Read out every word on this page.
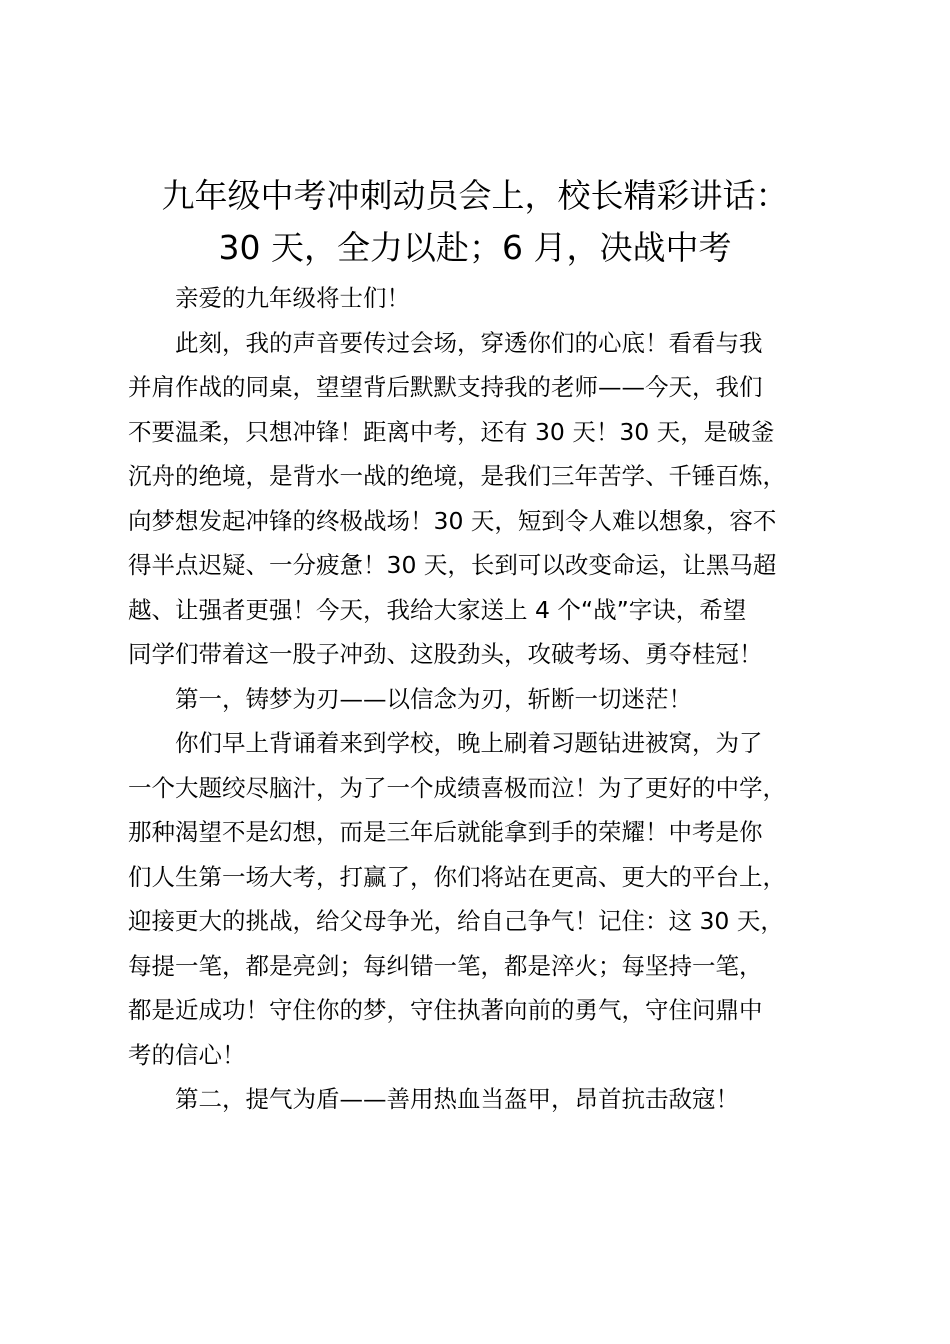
九年级中考冲刺动员会上，校长精彩讲话：
30 天，全力以赴；6 月，决战中考
　　亲爱的九年级将士们！
　　此刻，我的声音要传过会场，穿透你们的心底！看看与我
并肩作战的同桌，望望背后默默支持我的老师——今天，我们
不要温柔，只想冲锋！距离中考，还有 30 天！30 天，是破釜
沉舟的绝境，是背水一战的绝境，是我们三年苦学、千锤百炼，
向梦想发起冲锋的终极战场！30 天，短到令人难以想象，容不
得半点迟疑、一分疲惫！30 天，长到可以改变命运，让黑马超
越、让强者更强！今天，我给大家送上 4 个“战”字诀，希望
同学们带着这一股子冲劲、这股劲头，攻破考场、勇夺桂冠！
　　第一，铸梦为刃——以信念为刃，斩断一切迷茫！
　　你们早上背诵着来到学校，晚上刷着习题钻进被窝，为了
一个大题绞尽脑汁，为了一个成绩喜极而泣！为了更好的中学，
那种渴望不是幻想，而是三年后就能拿到手的荣耀！中考是你
们人生第一场大考，打赢了，你们将站在更高、更大的平台上，
迎接更大的挑战，给父母争光，给自己争气！记住：这 30 天，
每提一笔，都是亮剑；每纠错一笔，都是淬火；每坚持一笔，
都是近成功！守住你的梦，守住执著向前的勇气，守住问鼎中
考的信心！
　　第二，提气为盾——善用热血当盔甲，昂首抗击敌寇！
